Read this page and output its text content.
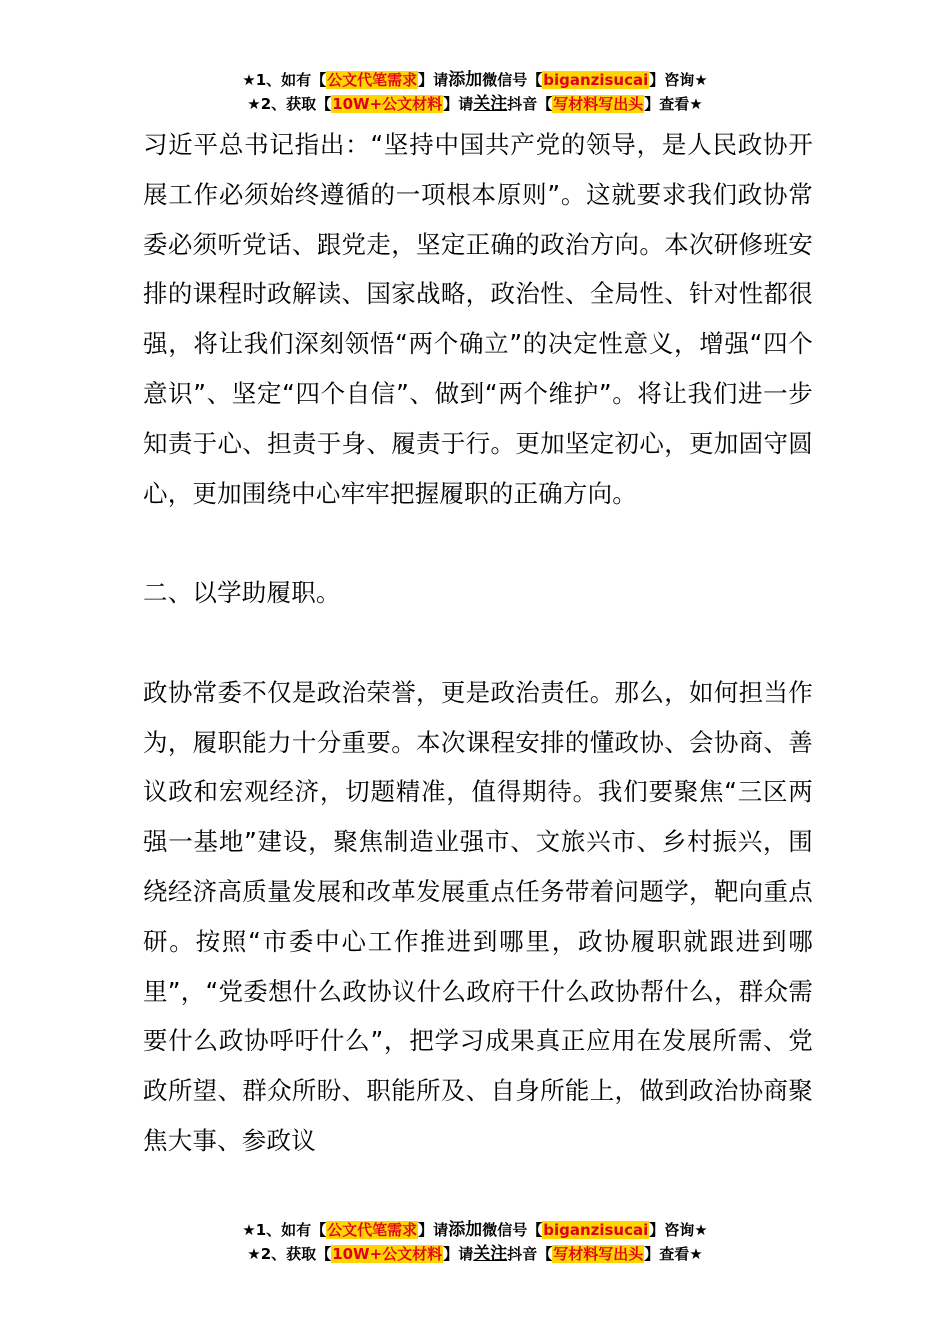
★1、如有【公文代笔需求】请添加微信号【biganzisucai】咨询★
★2、获取【10W+公文材料】请关注抖音【写材料写出头】查看★

习近平总书记指出：“坚持中国共产党的领导，是人民政协开展工作必须始终遵循的一项根本原则”。这就要求我们政协常委必须听党话、跟党走，坚定正确的政治方向。本次研修班安排的课程时政解读、国家战略，政治性、全局性、针对性都很强，将让我们深刻领悟“两个确立”的决定性意义，增强“四个意识”、坚定“四个自信”、做到“两个维护”。将让我们进一步知责于心、担责于身、履责于行。更加坚定初心，更加固守圆心，更加围绕中心牢牢把握履职的正确方向。

二、以学助履职。

政协常委不仅是政治荣誉，更是政治责任。那么，如何担当作为，履职能力十分重要。本次课程安排的懂政协、会协商、善议政和宏观经济，切题精准，值得期待。我们要聚焦“三区两强一基地”建设，聚焦制造业强市、文旅兴市、乡村振兴，围绕经济高质量发展和改革发展重点任务带着问题学，靶向重点研。按照“市委中心工作推进到哪里，政协履职就跟进到哪里”，“党委想什么政协议什么政府干什么政协帮什么，群众需要什么政协呼吁什么”，把学习成果真正应用在发展所需、党政所望、群众所盼、职能所及、自身所能上，做到政治协商聚焦大事、参政议

★1、如有【公文代笔需求】请添加微信号【biganzisucai】咨询★
★2、获取【10W+公文材料】请关注抖音【写材料写出头】查看★
